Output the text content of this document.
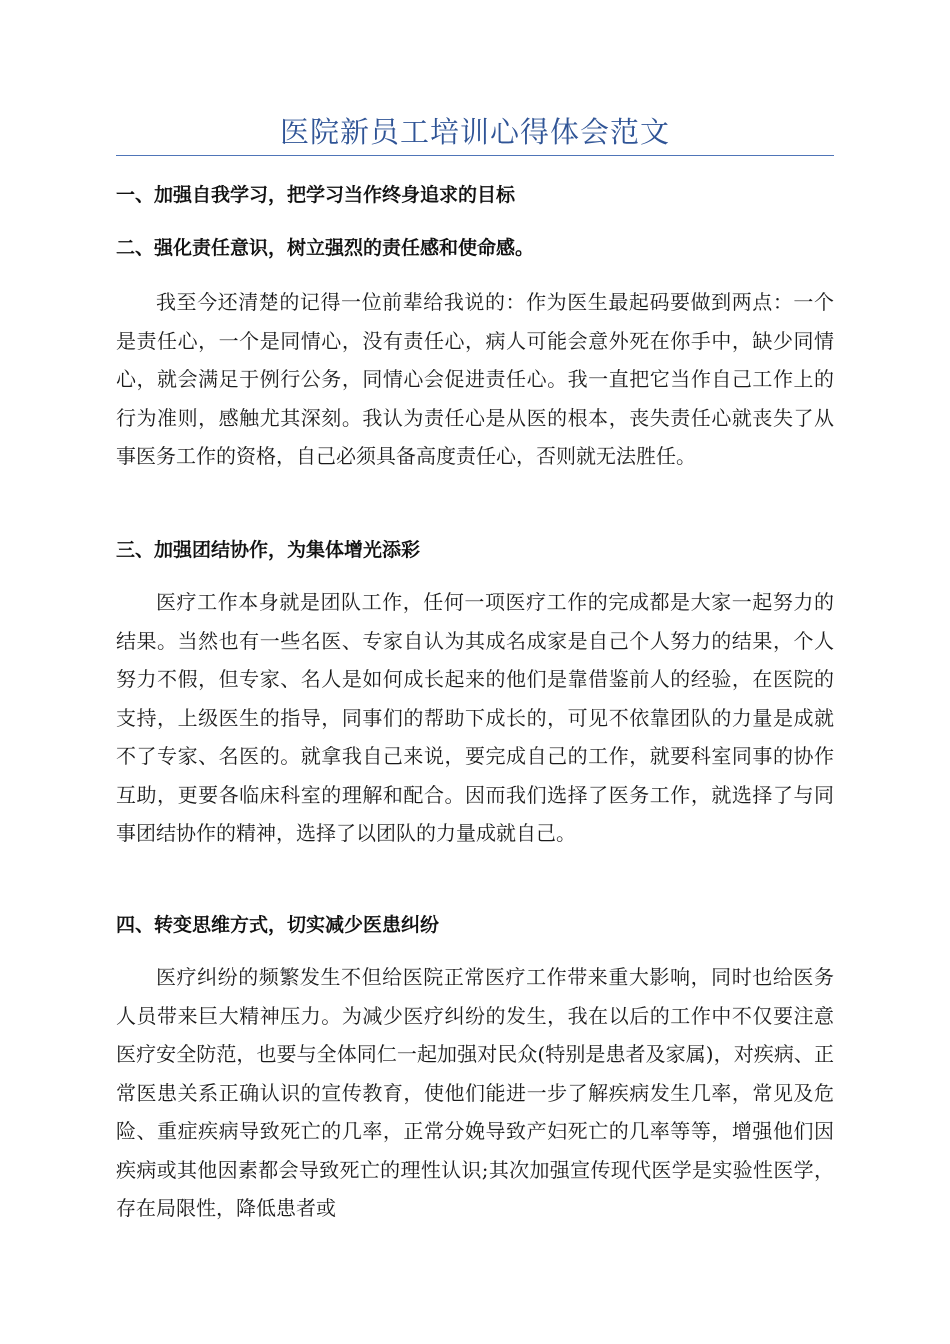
医院新员工培训心得体会范文
一、加强自我学习，把学习当作终身追求的目标
二、强化责任意识，树立强烈的责任感和使命感。

我至今还清楚的记得一位前辈给我说的：作为医生最起码要做到两点：一个是责任心，一个是同情心，没有责任心，病人可能会意外死在你手中，缺少同情心，就会满足于例行公务，同情心会促进责任心。我一直把它当作自己工作上的行为准则，感触尤其深刻。我认为责任心是从医的根本，丧失责任心就丧失了从事医务工作的资格，自己必须具备高度责任心，否则就无法胜任。

三、加强团结协作，为集体增光添彩

医疗工作本身就是团队工作，任何一项医疗工作的完成都是大家一起努力的结果。当然也有一些名医、专家自认为其成名成家是自己个人努力的结果，个人努力不假，但专家、名人是如何成长起来的他们是靠借鉴前人的经验，在医院的支持，上级医生的指导，同事们的帮助下成长的，可见不依靠团队的力量是成就不了专家、名医的。就拿我自己来说，要完成自己的工作，就要科室同事的协作互助，更要各临床科室的理解和配合。因而我们选择了医务工作，就选择了与同事团结协作的精神，选择了以团队的力量成就自己。

四、转变思维方式，切实减少医患纠纷

医疗纠纷的频繁发生不但给医院正常医疗工作带来重大影响，同时也给医务人员带来巨大精神压力。为减少医疗纠纷的发生，我在以后的工作中不仅要注意医疗安全防范，也要与全体同仁一起加强对民众(特别是患者及家属)，对疾病、正常医患关系正确认识的宣传教育，使他们能进一步了解疾病发生几率，常见及危险、重症疾病导致死亡的几率，正常分娩导致产妇死亡的几率等等，增强他们因疾病或其他因素都会导致死亡的理性认识;其次加强宣传现代医学是实验性医学，存在局限性，降低患者或
